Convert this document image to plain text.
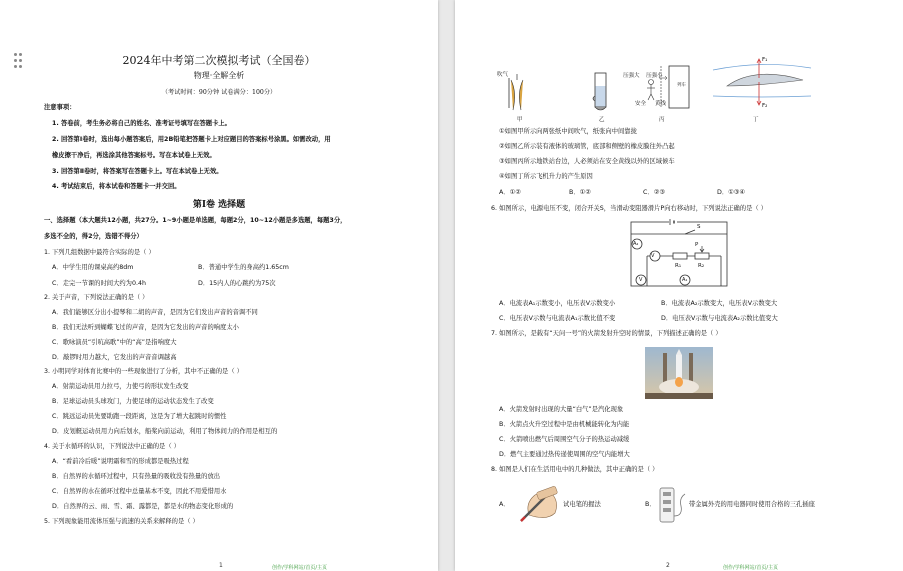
2024年中考第二次模拟考试（全国卷）
物理·全解全析
（考试时间：90分钟 试卷满分：100分）
注意事项：
1. 答卷前，考生务必将自己的姓名、准考证号填写在答题卡上。
2. 回答第Ⅰ卷时，选出每小题答案后，用2B铅笔把答题卡上对应题目的答案标号涂黑。如需改动，用
橡皮擦干净后，再选涂其他答案标号。写在本试卷上无效。
3. 回答第Ⅱ卷时，将答案写在答题卡上。写在本试卷上无效。
4. 考试结束后，将本试卷和答题卡一并交回。
第Ⅰ卷 选择题
一、选择题（本大题共12小题，共27分。1~9小题是单选题，每题2分，10~12小题是多选题，每题3分，
多选不全的，得2分，选错不得分）
1. 下列几组数据中最符合实际的是（ ）
A．中学生用的课桌高约8dm	B．普通中学生的身高约1.65cm
C．走完一节课的时间大约为0.4h	D．15内人的心跳约为75次
2. 关于声音，下列说法正确的是（ ）
A．我们能够区分出小提琴和二胡的声音，是因为它们发出声音的音调不同
B．我们无法听到蝴蝶飞过的声音，是因为它发出的声音的响度太小
C．歌咏演员“引吭高歌”中的“高”是指响度大
D．敲锣时用力越大，它发出的声音音调越高
3. 小明同学对体育比赛中的一些现象进行了分析，其中不正确的是（ ）
A．射箭运动员用力拉弓，力使弓的形状发生改变
B．足球运动员头球攻门，力使足球的运动状态发生了改变
C．跳远运动员先要助跑一段距离，这是为了增大起跳时的惯性
D．皮划艇运动员用力向后划水，船桨向前运动，利用了物体间力的作用是相互的
4. 关于水循环的认识，下列说法中正确的是（ ）
A．“看前冷后暖”说明霜和雪的形成都是吸热过程
B．自然界的水循环过程中，只有热量的吸收没有热量的放出
C．自然界的水在循环过程中总量基本不变，因此不用爱惜用水
D．自然界的云、雨、雪、霜、露都是，都是水的物态变化形成的
5. 下列现象能用流体压强与流速的关系来解释的是（ ）
1	创作/学科网站/首页/主页
吹气
甲	乙
压强大 压强小
列车
安全 黄线
丙
F₁
F₂
丁
①如图甲所示向两张纸中间吹气，纸张向中间靠拢
②如图乙所示装有液体的玻璃管，底部和侧壁的橡皮膜往外凸起
③如图丙所示地铁站台边，人必须站在安全黄线以外的区域候车
④如图丁所示飞机升力的产生原因
A．①②	B．①②	C．②③	D．①③④
6. 如图所示，电源电压不变，闭合开关S，当滑动变阻器滑片P向右移动时，下列说法正确的是（ ）
A₂
V
S
P
R₁	R₂
V	A₁
A．电流表A₁示数变小，电压表V示数变小	B．电流表A₂示数变大，电压表V示数变大
C．电压表V示数与电流表A₁示数比值不变	D．电压表V示数与电流表A₂示数比值变大
7. 如图所示，是载有“天问一号”的火箭发射升空时的情景，下列描述正确的是（ ）
A．火箭发射时出现的大量“白气”是汽化现象
B．火箭点火升空过程中是由机械能转化为内能
C．火箭喷出燃气后周围空气分子的热运动减缓
D．燃气主要通过热传递使周围的空气内能增大
8. 如图是人们在生活用电中的几种做法，其中正确的是（ ）
A．	试电笔的握法	B．	带金属外壳的用电器同时使用合格的三孔插座
2	创作/学科网站/首页/主页
